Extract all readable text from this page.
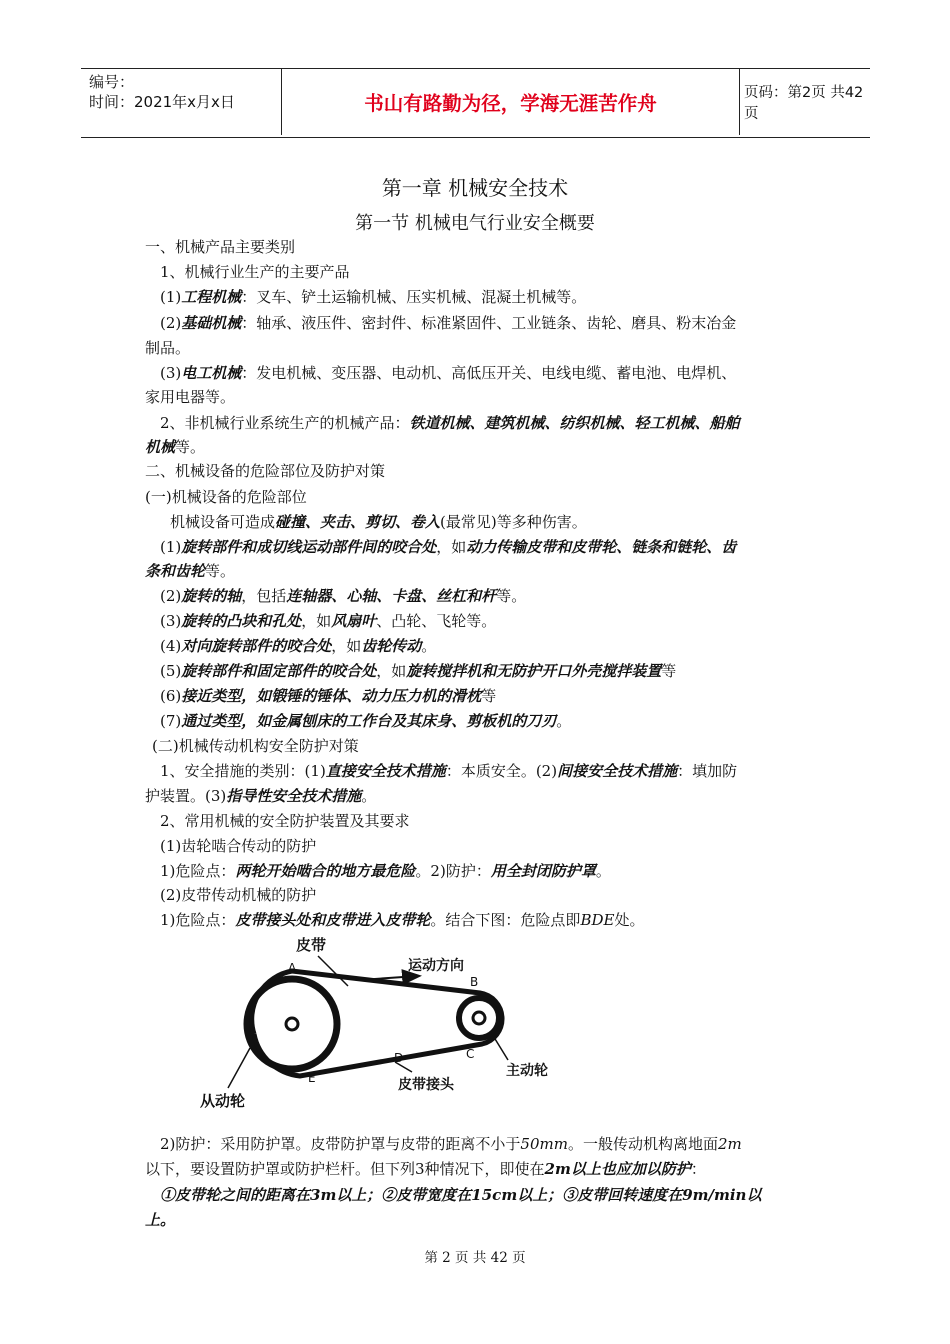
编号：
时间：2021年x月x日	书山有路勤为径，学海无涯苦作舟	页码：第2页 共42页
第一章 机械安全技术
第一节 机械电气行业安全概要
一、机械产品主要类别
1、机械行业生产的主要产品
(1)工程机械：叉车、铲土运输机械、压实机械、混凝土机械等。
(2)基础机械：轴承、液压件、密封件、标准紧固件、工业链条、齿轮、磨具、粉末冶金
制品。
(3)电工机械：发电机械、变压器、电动机、高低压开关、电线电缆、蓄电池、电焊机、
家用电器等。
2、非机械行业系统生产的机械产品：铁道机械、建筑机械、纺织机械、轻工机械、船舶
机械等。
二、机械设备的危险部位及防护对策
(一)机械设备的危险部位
机械设备可造成碰撞、夹击、剪切、卷入(最常见)等多种伤害。
(1)旋转部件和成切线运动部件间的咬合处，如动力传输皮带和皮带轮、链条和链轮、齿
条和齿轮等。
(2)旋转的轴，包括连轴器、心轴、卡盘、丝杠和杆等。
(3)旋转的凸块和孔处，如风扇叶、凸轮、飞轮等。
(4)对向旋转部件的咬合处，如齿轮传动。
(5)旋转部件和固定部件的咬合处，如旋转搅拌机和无防护开口外壳搅拌装置等
(6)接近类型，如锻锤的锤体、动力压力机的滑枕等
(7)通过类型，如金属刨床的工作台及其床身、剪板机的刀刃。
(二)机械传动机构安全防护对策
1、安全措施的类别：(1)直接安全技术措施：本质安全。(2)间接安全技术措施：填加防
护装置。(3)指导性安全技术措施。
2、常用机械的安全防护装置及其要求
(1)齿轮啮合传动的防护
1)危险点：两轮开始啮合的地方最危险。2)防护：用全封闭防护罩。
(2)皮带传动机械的防护
1)危险点：皮带接头处和皮带进入皮带轮。结合下图：危险点即BDE处。
皮带
运动方向
从动轮
主动轮
皮带接头
A
B
C
D
E
2)防护：采用防护罩。皮带防护罩与皮带的距离不小于50mm。一般传动机构离地面2m
以下，要设置防护罩或防护栏杆。但下列3种情况下，即使在2m以上也应加以防护：
①皮带轮之间的距离在3m以上；②皮带宽度在15cm以上；③皮带回转速度在9m/min以
上。
第 2 页 共 42 页
